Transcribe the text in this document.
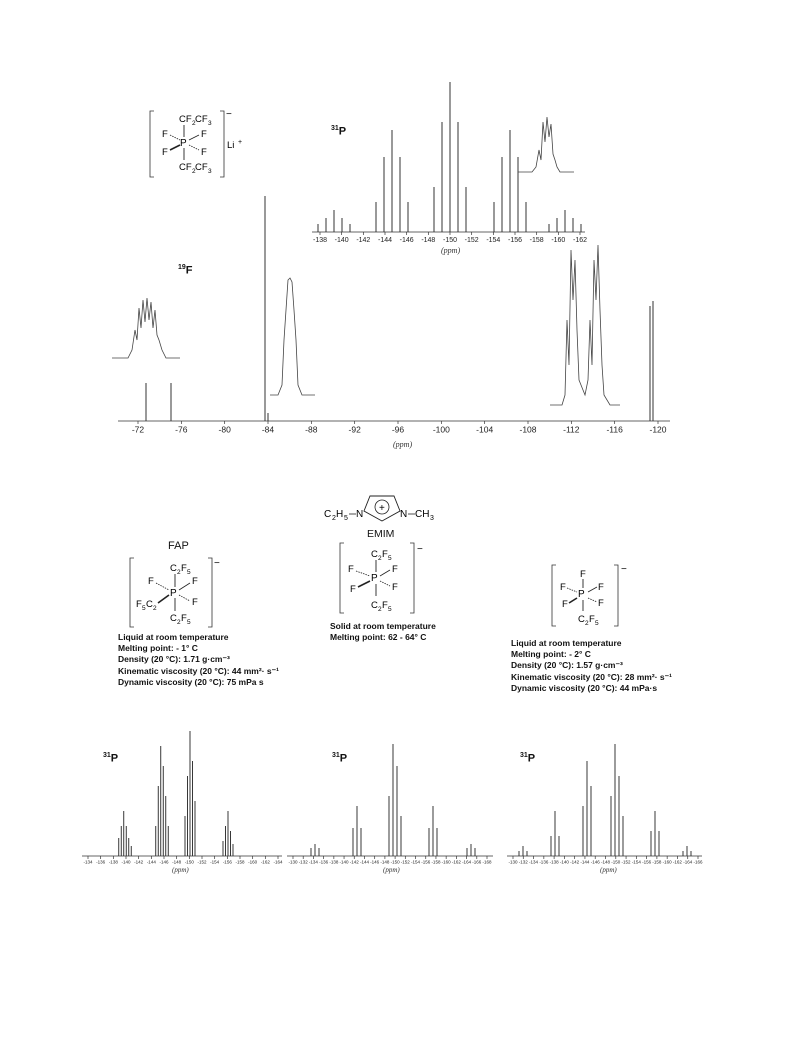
CF 2 CF 3
P
F	F
F	F
CF 2 CF 3
−
Li +
$^{31}$P
$^{19}$F
-138 -140 -142 -144 -146 -148 -150 -152 -154 -156 -158 -160 -162
(ppm)
-72	-76	-80	-84	-88	-92	-96	-100	-104	-108	-112	-116	-120
(ppm)
C 2 H 5 N
+
N CH 3
EMIM
FAP
−
C 2 F 5
P
F	F
F 5 C 2
F
C 2 F 5
−
C 2 F 5
P
F	F
F	F
C 2 F 5
−
F
P
F	F
F	F
C 2 F 5
Liquid at room temperature
Melting point: - 1° C
Density (20 °C): 1.71 g·cm⁻³
Kinematic viscosity (20 °C): 44 mm²· s⁻¹
Dynamic viscosity (20 °C): 75 mPa s
Solid at room temperature
Melting point: 62 - 64° C
Liquid at room temperature
Melting point: - 2° C
Density (20 °C): 1.57 g·cm⁻³
Kinematic viscosity (20 °C): 28 mm²· s⁻¹
Dynamic viscosity (20 °C): 44 mPa·s
$^{31}$P	$^{31}$P	$^{31}$P
-134 -136 -138 -140 -142 -144 -146 -148 -150 -152 -154 -156 -158 -160 -162 -164
(ppm)
-130 -132 -134 -136 -138 -140 -142 -144 -146 -148 -150 -152 -154 -156 -158 -160 -162 -164 -166 -168
(ppm)
-130 -132 -134 -136 -138 -140 -142 -144 -146 -148 -150 -152 -154 -156 -158 -160 -162 -164 -166
(ppm)
